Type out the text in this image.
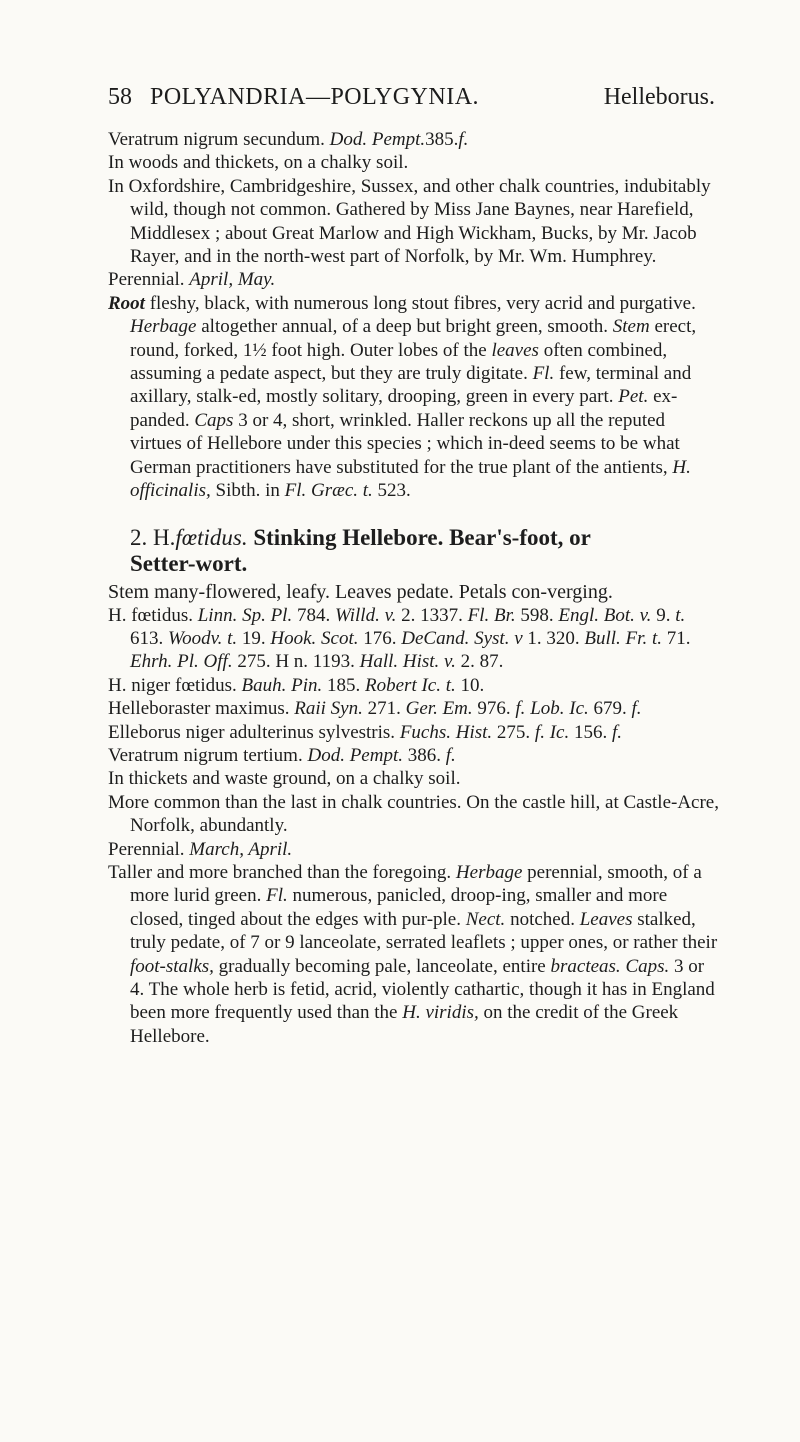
58 POLYANDRIA—POLYGYNIA.	Helleborus.

Veratrum nigrum secundum. Dod. Pempt.385.f.

In woods and thickets, on a chalky soil.

In Oxfordshire, Cambridgeshire, Sussex, and other chalk countries, indubitably wild, though not common. Gathered by Miss Jane Baynes, near Harefield, Middlesex ; about Great Marlow and High Wickham, Bucks, by Mr. Jacob Rayer, and in the north-west part of Norfolk, by Mr. Wm. Humphrey.

Perennial. April, May.

Root fleshy, black, with numerous long stout fibres, very acrid and purgative. Herbage altogether annual, of a deep but bright green, smooth. Stem erect, round, forked, 1½ foot high. Outer lobes of the leaves often combined, assuming a pedate aspect, but they are truly digitate. Fl. few, terminal and axillary, stalk-ed, mostly solitary, drooping, green in every part. Pet. ex-panded. Caps 3 or 4, short, wrinkled. Haller reckons up all the reputed virtues of Hellebore under this species ; which in-deed seems to be what German practitioners have substituted for the true plant of the antients, H. officinalis, Sibth. in Fl. Græc. t. 523.

2. H.fœtidus. Stinking Hellebore. Bear's-foot, or
Setter-wort.

Stem many-flowered, leafy. Leaves pedate. Petals con-verging.

H. fœtidus. Linn. Sp. Pl. 784. Willd. v. 2. 1337. Fl. Br. 598. Engl. Bot. v. 9. t. 613. Woodv. t. 19. Hook. Scot. 176. DeCand. Syst. v 1. 320. Bull. Fr. t. 71. Ehrh. Pl. Off. 275. H n. 1193. Hall. Hist. v. 2. 87.

H. niger fœtidus. Bauh. Pin. 185. Robert Ic. t. 10.

Helleboraster maximus. Raii Syn. 271. Ger. Em. 976. f. Lob. Ic. 679. f.

Elleborus niger adulterinus sylvestris. Fuchs. Hist. 275. f. Ic. 156. f.

Veratrum nigrum tertium. Dod. Pempt. 386. f.

In thickets and waste ground, on a chalky soil.

More common than the last in chalk countries. On the castle hill, at Castle-Acre, Norfolk, abundantly.

Perennial. March, April.

Taller and more branched than the foregoing. Herbage perennial, smooth, of a more lurid green. Fl. numerous, panicled, droop-ing, smaller and more closed, tinged about the edges with pur-ple. Nect. notched. Leaves stalked, truly pedate, of 7 or 9 lanceolate, serrated leaflets ; upper ones, or rather their foot-stalks, gradually becoming pale, lanceolate, entire bracteas. Caps. 3 or 4. The whole herb is fetid, acrid, violently cathartic, though it has in England been more frequently used than the H. viridis, on the credit of the Greek Hellebore.
